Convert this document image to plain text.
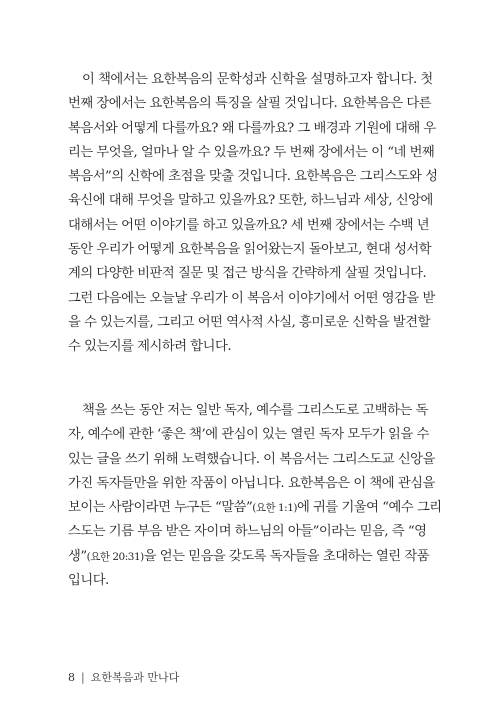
이 책에서는 요한복음의 문학성과 신학을 설명하고자 합니다. 첫
번째 장에서는 요한복음의 특징을 살필 것입니다. 요한복음은 다른
복음서와 어떻게 다를까요? 왜 다를까요? 그 배경과 기원에 대해 우
리는 무엇을, 얼마나 알 수 있을까요? 두 번째 장에서는 이 “네 번째
복음서”의 신학에 초점을 맞출 것입니다. 요한복음은 그리스도와 성
육신에 대해 무엇을 말하고 있을까요? 또한, 하느님과 세상, 신앙에
대해서는 어떤 이야기를 하고 있을까요? 세 번째 장에서는 수백 년
동안 우리가 어떻게 요한복음을 읽어왔는지 돌아보고, 현대 성서학
계의 다양한 비판적 질문 및 접근 방식을 간략하게 살필 것입니다.
그런 다음에는 오늘날 우리가 이 복음서 이야기에서 어떤 영감을 받
을 수 있는지를, 그리고 어떤 역사적 사실, 흥미로운 신학을 발견할
수 있는지를 제시하려 합니다.
책을 쓰는 동안 저는 일반 독자, 예수를 그리스도로 고백하는 독
자, 예수에 관한 ‘좋은 책’에 관심이 있는 열린 독자 모두가 읽을 수
있는 글을 쓰기 위해 노력했습니다. 이 복음서는 그리스도교 신앙을
가진 독자들만을 위한 작품이 아닙니다. 요한복음은 이 책에 관심을
보이는 사람이라면 누구든 “말씀”(요한 1:1)에 귀를 기울여 “예수 그리
스도는 기름 부음 받은 자이며 하느님의 아들”이라는 믿음, 즉 “영
생”(요한 20:31)을 얻는 믿음을 갖도록 독자들을 초대하는 열린 작품
입니다.
8 | 요한복음과 만나다
